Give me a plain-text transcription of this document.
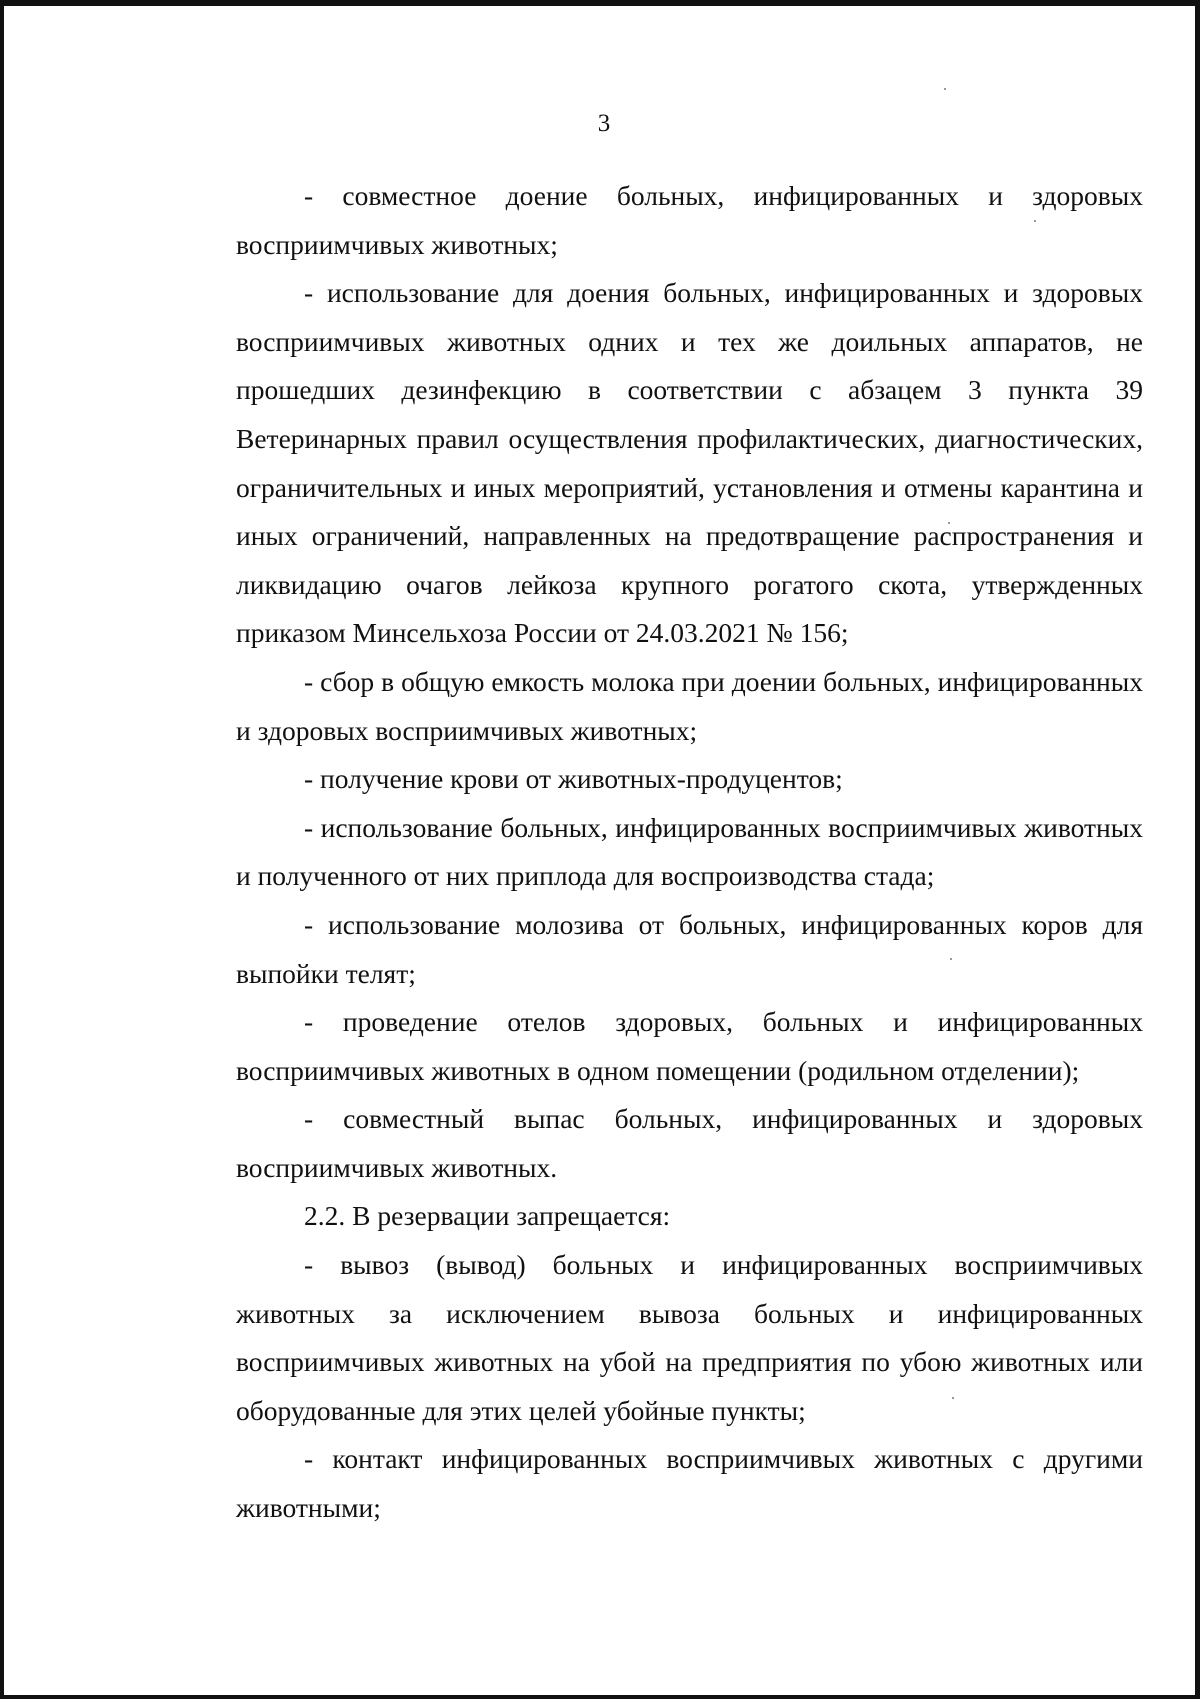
3

- совместное доение больных, инфицированных и здоровых восприимчивых животных;

- использование для доения больных, инфицированных и здоровых восприимчивых животных одних и тех же доильных аппаратов, не прошедших дезинфекцию в соответствии с абзацем 3 пункта 39 Ветеринарных правил осуществления профилактических, диагностических, ограничительных и иных мероприятий, установления и отмены карантина и иных ограничений, направленных на предотвращение распространения и ликвидацию очагов лейкоза крупного рогатого скота, утвержденных приказом Минсельхоза России от 24.03.2021 № 156;

- сбор в общую емкость молока при доении больных, инфицированных и здоровых восприимчивых животных;

- получение крови от животных-продуцентов;

- использование больных, инфицированных восприимчивых животных и полученного от них приплода для воспроизводства стада;

- использование молозива от больных, инфицированных коров для выпойки телят;

- проведение отелов здоровых, больных и инфицированных восприимчивых животных в одном помещении (родильном отделении);

- совместный выпас больных, инфицированных и здоровых восприимчивых животных.

2.2. В резервации запрещается:

- вывоз (вывод) больных и инфицированных восприимчивых животных за исключением вывоза больных и инфицированных восприимчивых животных на убой на предприятия по убою животных или оборудованные для этих целей убойные пункты;

- контакт инфицированных восприимчивых животных с другими животными;
